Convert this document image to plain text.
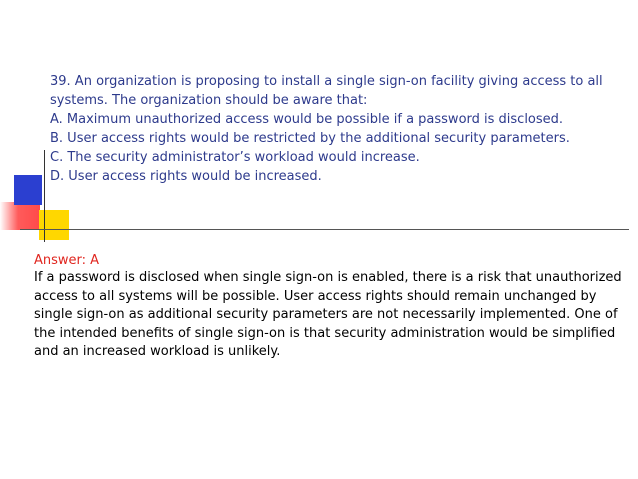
39. An organization is proposing to install a single sign-on facility giving access to all
systems. The organization should be aware that:
A. Maximum unauthorized access would be possible if a password is disclosed.
B. User access rights would be restricted by the additional security parameters.
C. The security administrator’s workload would increase.
D. User access rights would be increased.
Answer: A
If a password is disclosed when single sign-on is enabled, there is a risk that unauthorized
access to all systems will be possible. User access rights should remain unchanged by
single sign-on as additional security parameters are not necessarily implemented. One of
the intended benefits of single sign-on is that security administration would be simplified
and an increased workload is unlikely.
